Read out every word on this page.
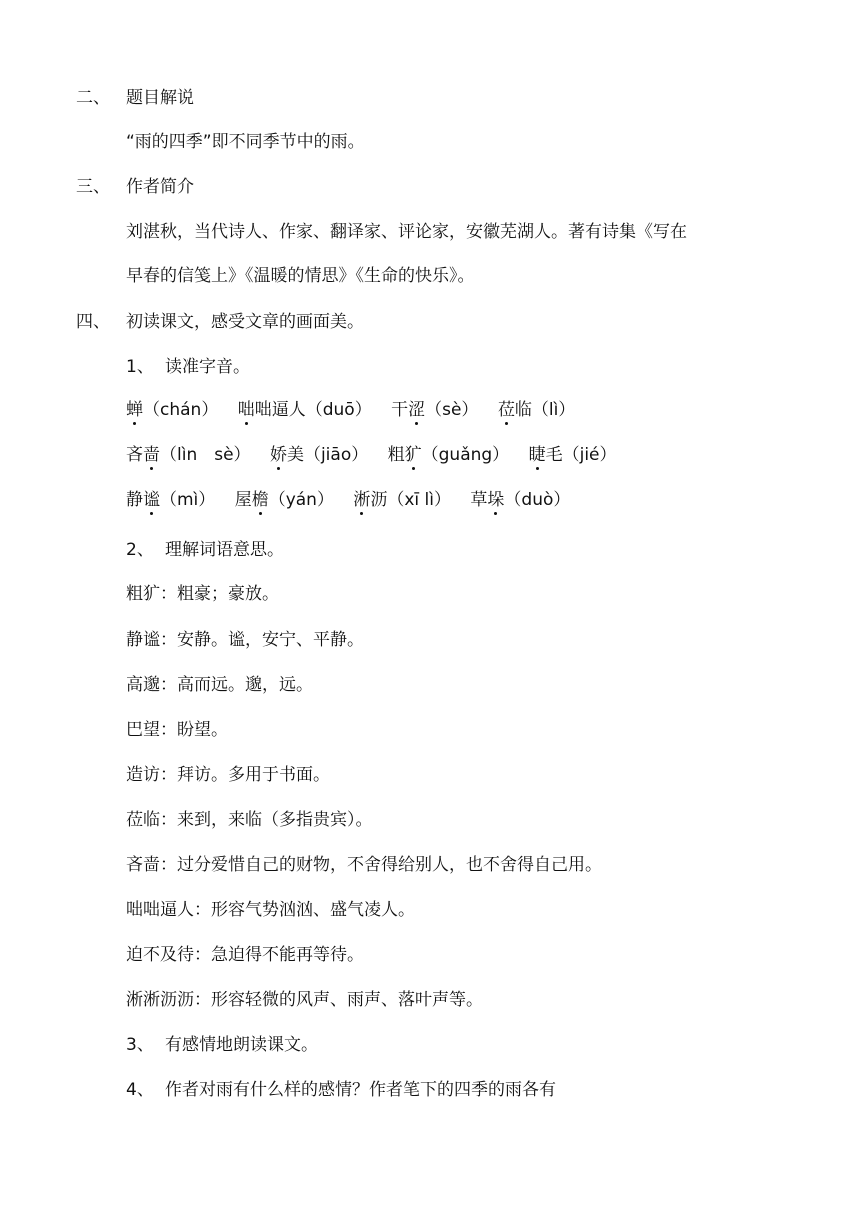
二、 题目解说
“雨的四季”即不同季节中的雨。
三、 作者简介
刘湛秋，当代诗人、作家、翻译家、评论家，安徽芜湖人。著有诗集《写在
早春的信笺上》《温暖的情思》《生命的快乐》。
四、 初读课文，感受文章的画面美。
1、 读准字音。
蝉（chán） 咄咄逼人（duō） 干涩（sè） 莅临（lì）
吝啬（lìn　sè） 娇美（jiāo） 粗犷（guǎng） 睫毛（jié）
静谧（mì） 屋檐（yán） 淅沥（xī lì） 草垛（duò）
2、 理解词语意思。
粗犷：粗豪；豪放。
静谧：安静。谧，安宁、平静。
高邈：高而远。邈，远。
巴望：盼望。
造访：拜访。多用于书面。
莅临：来到，来临（多指贵宾）。
吝啬：过分爱惜自己的财物，不舍得给别人，也不舍得自己用。
咄咄逼人：形容气势汹汹、盛气凌人。
迫不及待：急迫得不能再等待。
淅淅沥沥：形容轻微的风声、雨声、落叶声等。
3、 有感情地朗读课文。
4、 作者对雨有什么样的感情？作者笔下的四季的雨各有
